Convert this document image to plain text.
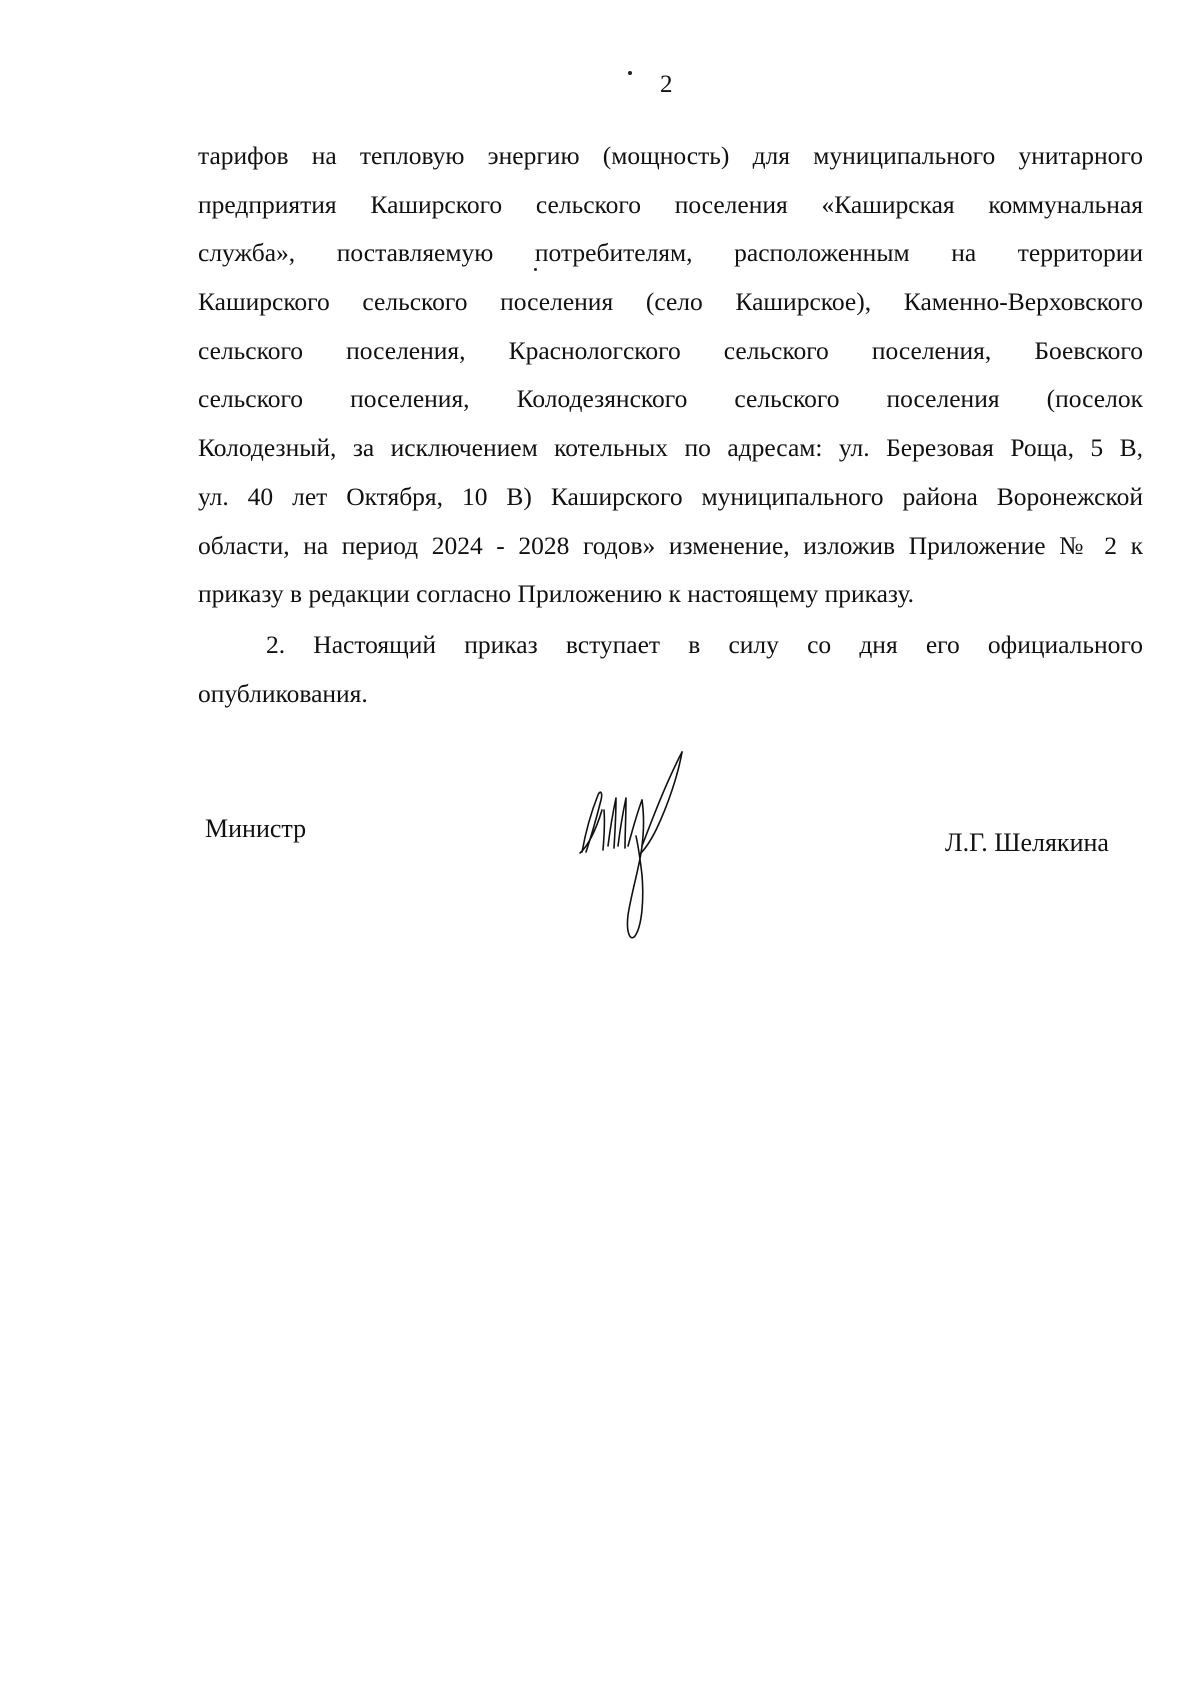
2
тарифов на тепловую энергию (мощность) для муниципального унитарного
предприятия Каширского сельского поселения «Каширская коммунальная
служба», поставляемую потребителям, расположенным на территории
Каширского сельского поселения (село Каширское), Каменно-Верховского
сельского поселения, Краснологского сельского поселения, Боевского
сельского поселения, Колодезянского сельского поселения (поселок
Колодезный, за исключением котельных по адресам: ул. Березовая Роща, 5 В,
ул. 40 лет Октября, 10 В) Каширского муниципального района Воронежской
области, на период 2024 - 2028 годов» изменение, изложив Приложение № 2 к
приказу в редакции согласно Приложению к настоящему приказу.
2. Настоящий приказ вступает в силу со дня его официального
опубликования.
Министр	Л.Г. Шелякина
